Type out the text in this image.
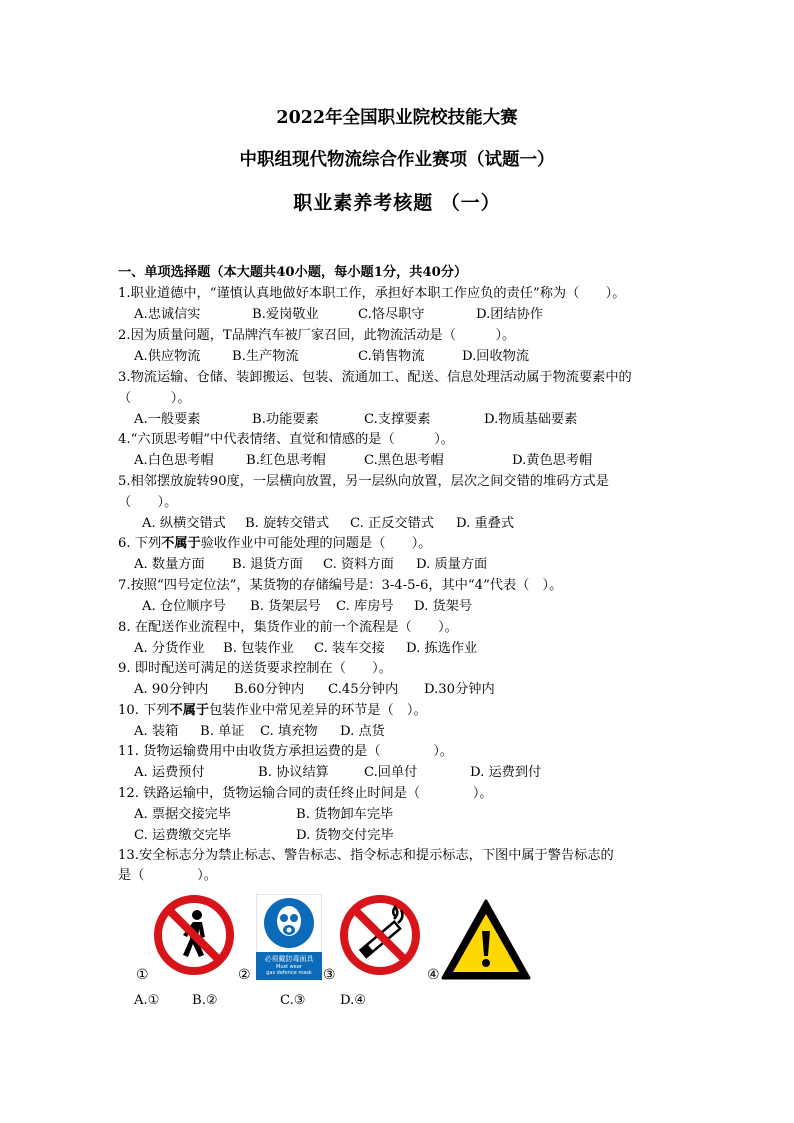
2022年全国职业院校技能大赛
中职组现代物流综合作业赛项（试题一）
职业素养考核题 （一）
一、单项选择题（本大题共40小题，每小题1分，共40分）
1.职业道德中，“谨慎认真地做好本职工作，承担好本职工作应负的责任”称为（　　）。
A.忠诚信实	B.爱岗敬业	C.恪尽职守	D.团结协作
2.因为质量问题，T品牌汽车被厂家召回，此物流活动是（　　　）。
A.供应物流 B.生产物流	C.销售物流	D.回收物流
3.物流运输、仓储、装卸搬运、包装、流通加工、配送、信息处理活动属于物流要素中的
（　　　）。
A.一般要素	B.功能要素	C.支撑要素	D.物质基础要素
4.“六顶思考帽”中代表情绪、直觉和情感的是（　　　）。
A.白色思考帽 B.红色思考帽	C.黑色思考帽	D.黄色思考帽
5.相邻摆放旋转90度，一层横向放置，另一层纵向放置，层次之间交错的堆码方式是
（　　）。
A. 纵横交错式 B. 旋转交错式 C. 正反交错式 D. 重叠式
6. 下列不属于验收作业中可能处理的问题是（　　）。
A. 数量方面 B. 退货方面 C. 资料方面 D. 质量方面
7.按照“四号定位法”，某货物的存储编号是：3-4-5-6，其中“4”代表（　）。
A. 仓位顺序号 B. 货架层号 C. 库房号 D. 货架号
8. 在配送作业流程中，集货作业的前一个流程是（　　）。
A. 分货作业 B. 包装作业 C. 装车交接 D. 拣选作业
9. 即时配送可满足的送货要求控制在（　　）。
A. 90分钟内 B.60分钟内 C.45分钟内 D.30分钟内
10. 下列不属于包装作业中常见差异的环节是（　）。
A. 装箱 B. 单证 C. 填充物 D. 点货
11. 货物运输费用中由收货方承担运费的是（　　　　）。
A. 运费预付	B. 协议结算	C.回单付	D. 运费到付
12. 铁路运输中，货物运输合同的责任终止时间是（　　　　）。
A. 票据交接完毕	B. 货物卸车完毕
C. 运费缴交完毕	D. 货物交付完毕
13.安全标志分为禁止标志、警告标志、指令标志和提示标志，下图中属于警告标志的
是（　　　　）。
①
必须戴防毒面具
Must wear
gas defence mask
②	③	④
A.① B.②	C.③	D.④
